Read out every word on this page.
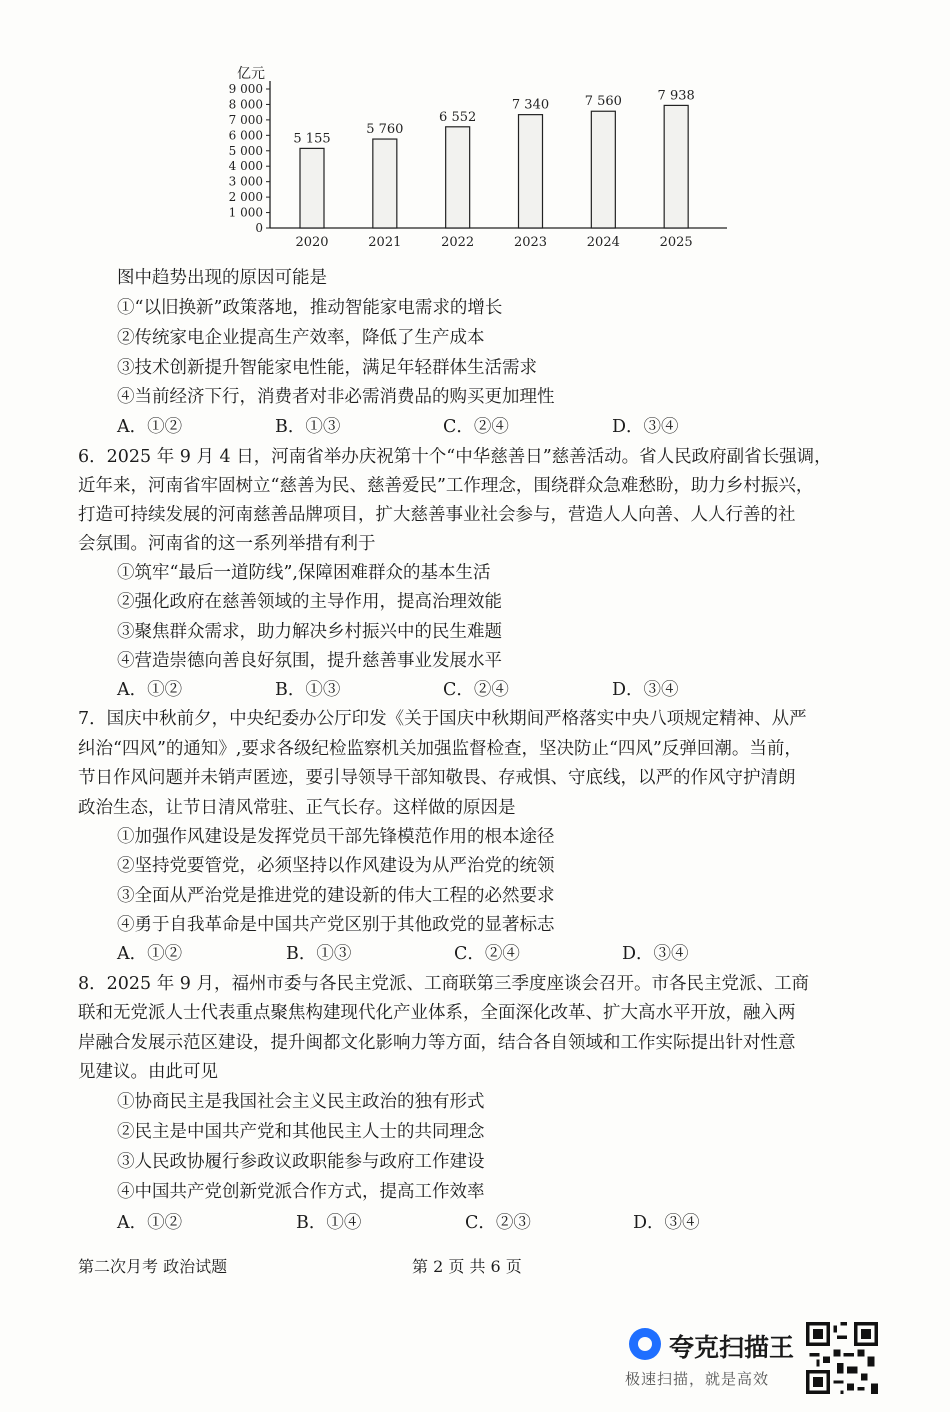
亿元
0
1 000
2 000
3 000
4 000
5 000
6 000
7 000
8 000
9 000
5 155
2020
5 760
2021
6 552
2022
7 340
2023
7 560
2024
7 938
2025
图中趋势出现的原因可能是
①“以旧换新”政策落地，推动智能家电需求的增长
②传统家电企业提高生产效率，降低了生产成本
③技术创新提升智能家电性能，满足年轻群体生活需求
④当前经济下行，消费者对非必需消费品的购买更加理性
A．①②	B．①③	C．②④	D．③④
6．2025 年 9 月 4 日，河南省举办庆祝第十个“中华慈善日”慈善活动。省人民政府副省长强调，
近年来，河南省牢固树立“慈善为民、慈善爱民”工作理念，围绕群众急难愁盼，助力乡村振兴，
打造可持续发展的河南慈善品牌项目，扩大慈善事业社会参与，营造人人向善、人人行善的社
会氛围。河南省的这一系列举措有利于
①筑牢“最后一道防线”,保障困难群众的基本生活
②强化政府在慈善领域的主导作用，提高治理效能
③聚焦群众需求，助力解决乡村振兴中的民生难题
④营造崇德向善良好氛围，提升慈善事业发展水平
A．①②	B．①③	C．②④	D．③④
7．国庆中秋前夕，中央纪委办公厅印发《关于国庆中秋期间严格落实中央八项规定精神、从严
纠治“四风”的通知》,要求各级纪检监察机关加强监督检查，坚决防止“四风”反弹回潮。当前，
节日作风问题并未销声匿迹，要引导领导干部知敬畏、存戒惧、守底线，以严的作风守护清朗
政治生态，让节日清风常驻、正气长存。这样做的原因是
①加强作风建设是发挥党员干部先锋模范作用的根本途径
②坚持党要管党，必须坚持以作风建设为从严治党的统领
③全面从严治党是推进党的建设新的伟大工程的必然要求
④勇于自我革命是中国共产党区别于其他政党的显著标志
A．①②	B．①③	C．②④	D．③④
8．2025 年 9 月，福州市委与各民主党派、工商联第三季度座谈会召开。市各民主党派、工商
联和无党派人士代表重点聚焦构建现代化产业体系，全面深化改革、扩大高水平开放，融入两
岸融合发展示范区建设，提升闽都文化影响力等方面，结合各自领域和工作实际提出针对性意
见建议。由此可见
①协商民主是我国社会主义民主政治的独有形式
②民主是中国共产党和其他民主人士的共同理念
③人民政协履行参政议政职能参与政府工作建设
④中国共产党创新党派合作方式，提高工作效率
A．①②	B．①④	C．②③	D．③④
第二次月考 政治试题	第 2 页 共 6 页
夸克扫描王
极速扫描，就是高效
